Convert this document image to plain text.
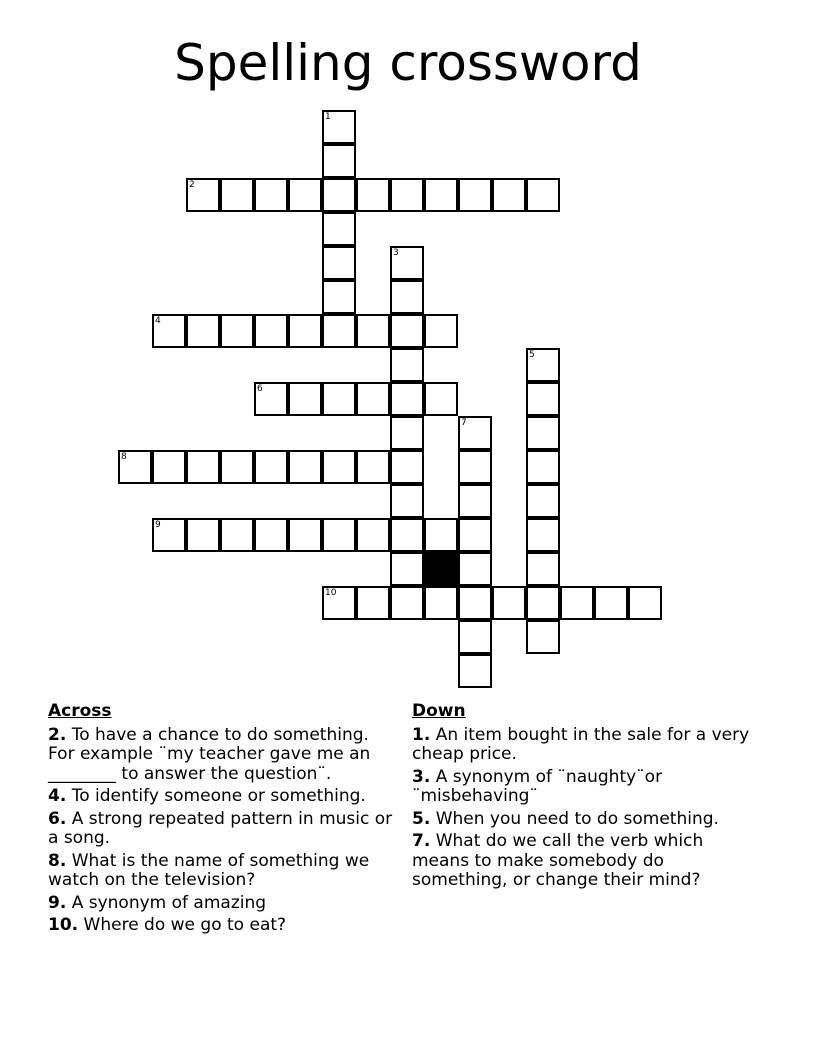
Spelling crossword
1
2
3
4
5
6
7
8
9
10
Across
2. To have a chance to do something. For example ¨my teacher gave me an ________ to answer the question¨.
4. To identify someone or something.
6. A strong repeated pattern in music or a song.
8. What is the name of something we watch on the television?
9. A synonym of amazing
10. Where do we go to eat?
Down
1. An item bought in the sale for a very cheap price.
3. A synonym of ¨naughty¨or ¨misbehaving¨
5. When you need to do something.
7. What do we call the verb which means to make somebody do something, or change their mind?
